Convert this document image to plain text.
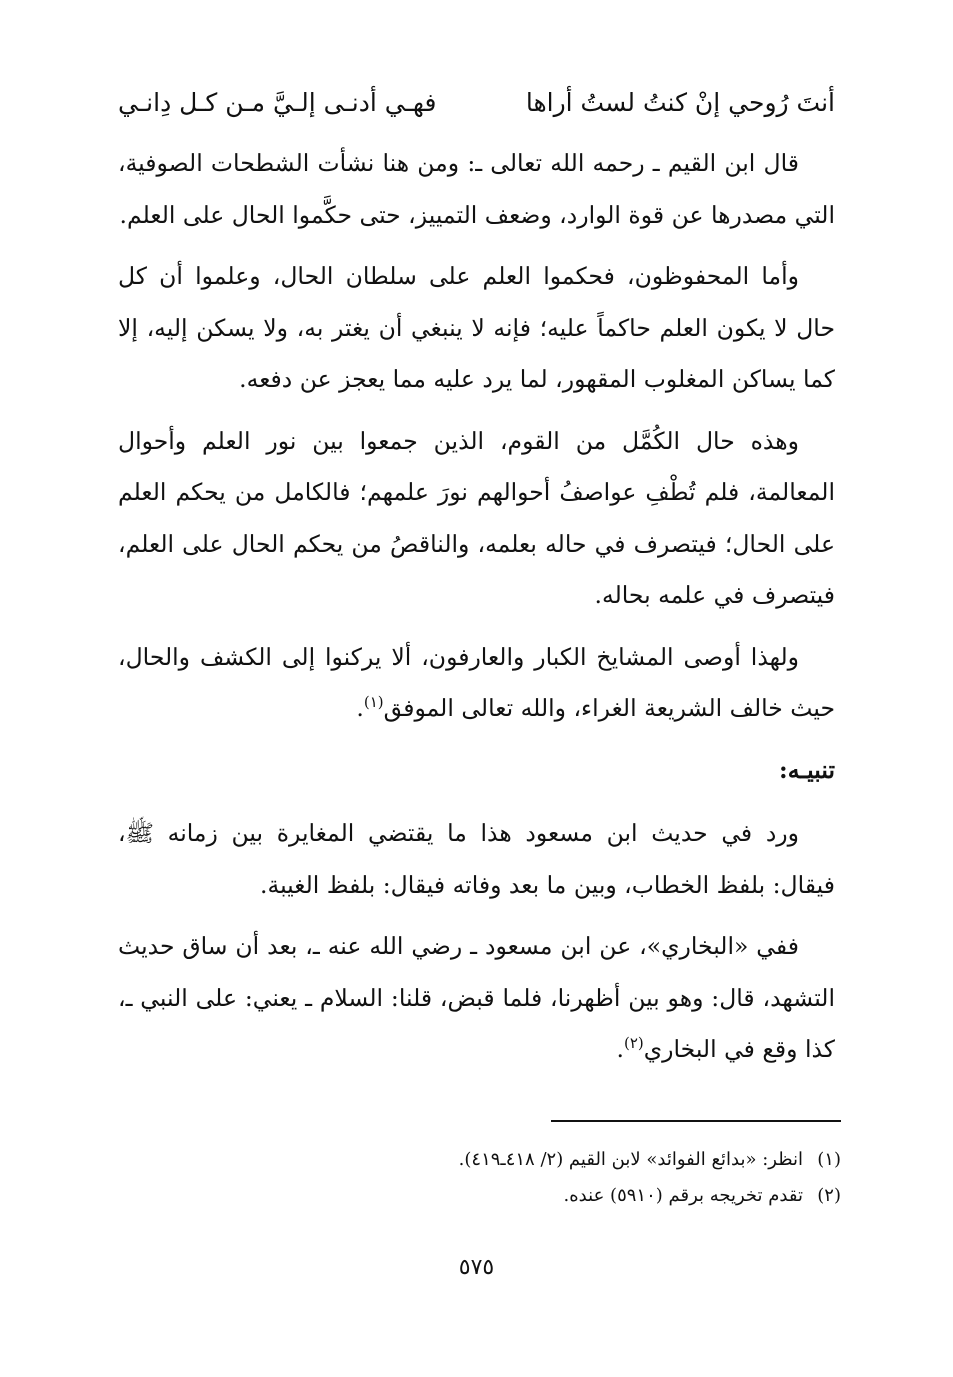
أنتَ رُوحي إنْ كنتُ لستُ أراها
فهـي أدنـى إلـيَّ مـن كـل دِانـي

قال ابن القيم ـ رحمه الله تعالى ـ: ومن هنا نشأت الشطحات الصوفية، التي مصدرها عن قوة الوارد، وضعف التمييز، حتى حكَّموا الحال على العلم.

وأما المحفوظون، فحكموا العلم على سلطان الحال، وعلموا أن كل حال لا يكون العلم حاكماً عليه؛ فإنه لا ينبغي أن يغتر به، ولا يسكن إليه، إلا كما يساكن المغلوب المقهور، لما يرد عليه مما يعجز عن دفعه.

وهذه حال الكُمَّل من القوم، الذين جمعوا بين نور العلم وأحوال المعالمة، فلم تُطْفِ عواصفُ أحوالهم نورَ علمهم؛ فالكامل من يحكم العلم على الحال؛ فيتصرف في حاله بعلمه، والناقصُ من يحكم الحال على العلم، فيتصرف في علمه بحاله.

ولهذا أوصى المشايخ الكبار والعارفون، ألا يركنوا إلى الكشف والحال، حيث خالف الشريعة الغراء، والله تعالى الموفق$^{(١)}$.

تنبيـه:

ورد في حديث ابن مسعود هذا ما يقتضي المغايرة بين زمانه ﷺ، فيقال: بلفظ الخطاب، وبين ما بعد وفاته فيقال: بلفظ الغيبة.

ففي «البخاري»، عن ابن مسعود ـ رضي الله عنه ـ، بعد أن ساق حديث التشهد، قال: وهو بين أظهرنا، فلما قبض، قلنا: السلام ـ يعني: على النبي ـ، كذا وقع في البخاري$^{(٢)}$.

(١)
انظر: «بدائع الفوائد» لابن القيم (٢/ ٤١٨ـ٤١٩).
(٢)
تقدم تخريجه برقم (٥٩١٠) عنده.
٥٧٥
